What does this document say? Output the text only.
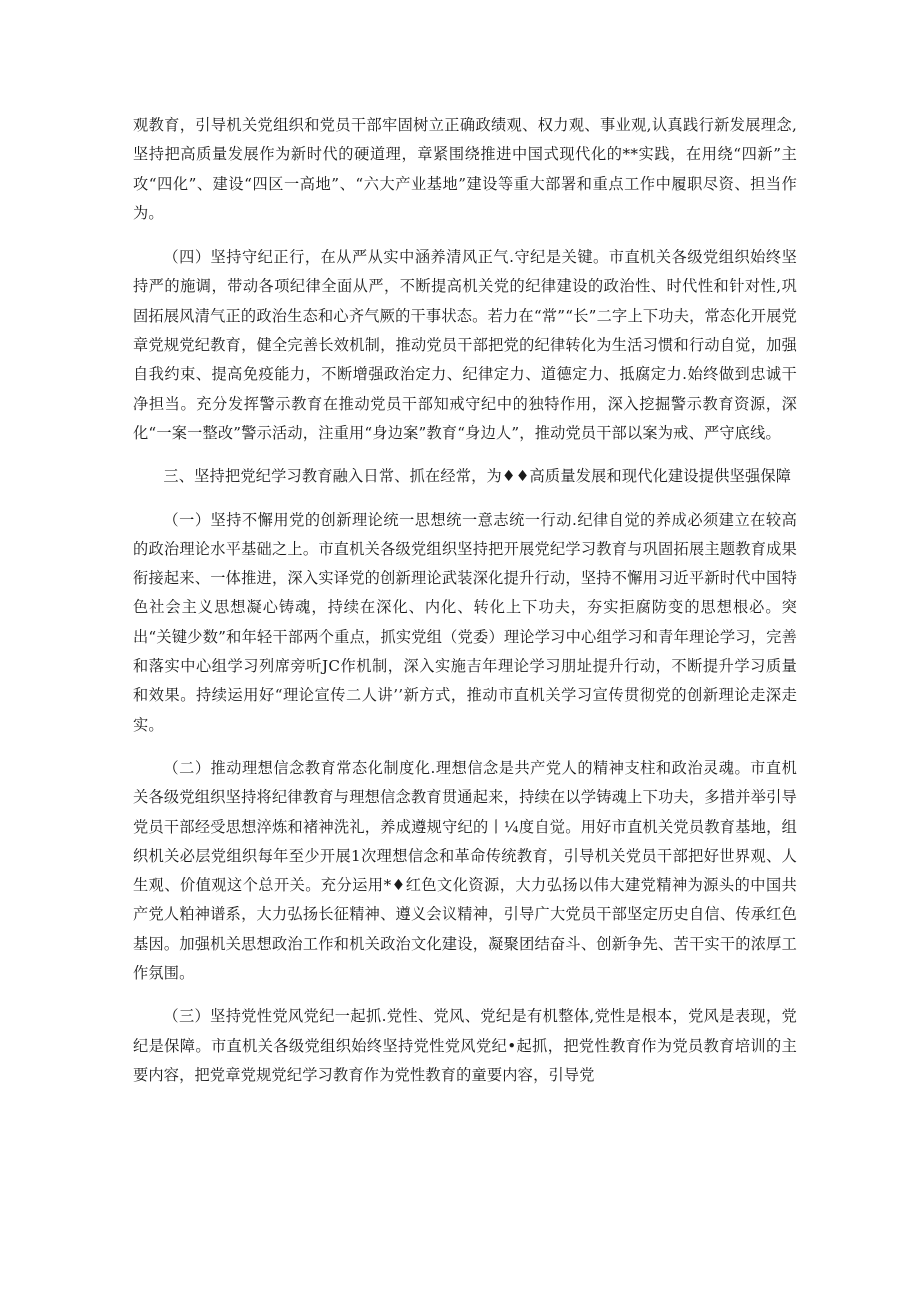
观教育，引导机关党组织和党员干部牢固树立正确政绩观、权力观、事业观,认真践行新发展理念,坚持把高质量发展作为新时代的硬道理，章紧围绕推进中国式现代化的**实践，在用绕“四新”主攻“四化”、建设“四区一高地”、“六大产业基地”建设等重大部署和重点工作中履职尽资、担当作为。

（四）坚持守纪正行，在从严从实中涵养清风正气.守纪是关键。市直机关各级党组织始终坚持严的施调，带动各项纪律全面从严，不断提高机关党的纪律建设的政治性、时代性和针对性,巩固拓展风清气正的政治生态和心齐气厥的干事状态。若力在“常”“长”二字上下功夫，常态化开展党章党规党纪教育，健全完善长效机制，推动党员干部把党的纪律转化为生活习惯和行动自觉，加强自我约束、提高免疫能力，不断增强政治定力、纪律定力、道德定力、抵腐定力.始终做到忠诚干净担当。充分发挥警示教育在推动党员干部知戒守纪中的独特作用，深入挖掘警示教育资源，深化“一案一整改”警示活动，注重用“身边案”教育“身边人”，推动党员干部以案为戒、严守底线。

三、坚持把党纪学习教育融入日常、抓在经常，为♦♦高质量发展和现代化建设提供坚强保障

（一）坚持不懈用党的创新理论统一思想统一意志统一行动.纪律自觉的养成必须建立在较高的政治理论水平基础之上。市直机关各级党组织坚持把开展党纪学习教育与巩固拓展主题教育成果衔接起来、一体推进，深入实译党的创新理论武装深化提升行动，坚持不懈用习近平新时代中国特色社会主义思想凝心铸魂，持续在深化、内化、转化上下功夫，夯实拒腐防变的思想根必。突出“关键少数”和年轻干部两个重点，抓实党组（党委）理论学习中心组学习和青年理论学习，完善和落实中心组学习列席旁听JC作机制，深入实施吉年理论学习朋址提升行动，不断提升学习质量和效果。持续运用好“理论宣传二人讲’’新方式，推动市直机关学习宣传贯彻党的创新理论走深走实。

（二）推动理想信念教育常态化制度化.理想信念是共产党人的精神支柱和政治灵魂。市直机关各级党组织坚持将纪律教育与理想信念教育贯通起来，持续在以学铸魂上下功夫，多措并举引导党员干部经受思想淬炼和褚神洗礼，养成遵规守纪的丨¼度自觉。用好市直机关党员教育基地，组织机关必层党组织每年至少开展1次理想信念和革命传统教育，引导机关党员干部把好世界观、人生观、价值观这个总开关。充分运用*♦红色文化资源，大力弘扬以伟大建党精神为源头的中国共产党人粕神谱系，大力弘扬长征精神、遵义会议精神，引导广大党员干部坚定历史自信、传承红色基因。加强机关思想政治工作和机关政治文化建设，凝聚团结奋斗、创新争先、苦干实干的浓厚工作氛围。

（三）坚持党性党风党纪一起抓.党性、党风、党纪是有机整体,党性是根本，党风是表现，党纪是保障。市直机关各级党组织始终坚持党性党风党纪•起抓，把党性教育作为党员教育培训的主要内容，把党章党规党纪学习教育作为党性教育的童要内容，引导党
